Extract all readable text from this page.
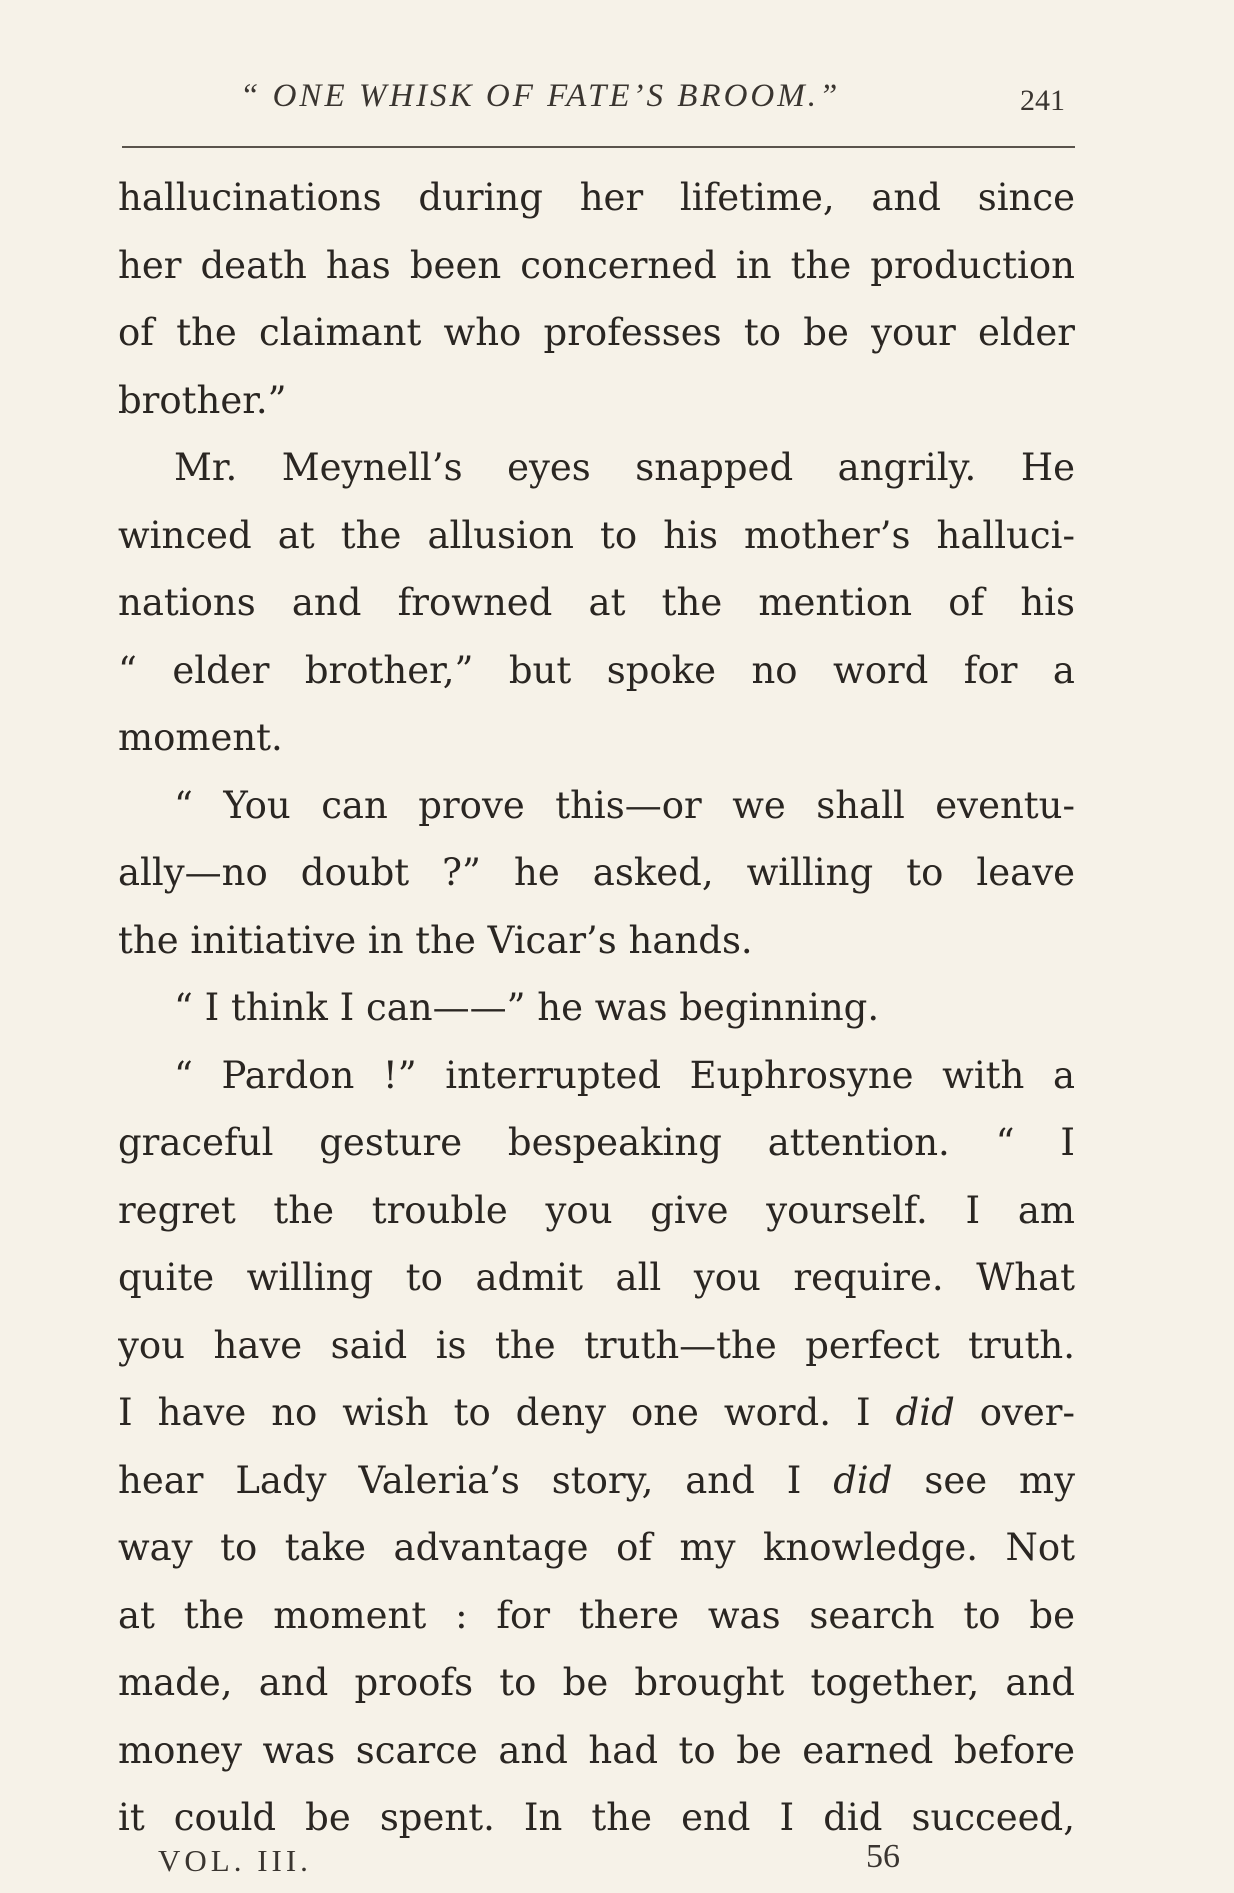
“ ONE WHISK OF FATE’S BROOM.”	241
hallucinations during her lifetime, and since
her death has been concerned in the production
of the claimant who professes to be your elder
brother.”
Mr. Meynell’s eyes snapped angrily. He
winced at the allusion to his mother’s halluci-
nations and frowned at the mention of his
“ elder brother,” but spoke no word for a
moment.
“ You can prove this—or we shall eventu-
ally—no doubt ?” he asked, willing to leave
the initiative in the Vicar’s hands.
“ I think I can——” he was beginning.
“ Pardon !” interrupted Euphrosyne with a
graceful gesture bespeaking attention. “ I
regret the trouble you give yourself. I am
quite willing to admit all you require. What
you have said is the truth—the perfect truth.
I have no wish to deny one word. I did over-
hear Lady Valeria’s story, and I did see my
way to take advantage of my knowledge. Not
at the moment : for there was search to be
made, and proofs to be brought together, and
money was scarce and had to be earned before
it could be spent. In the end I did succeed,
VOL. III.	56
